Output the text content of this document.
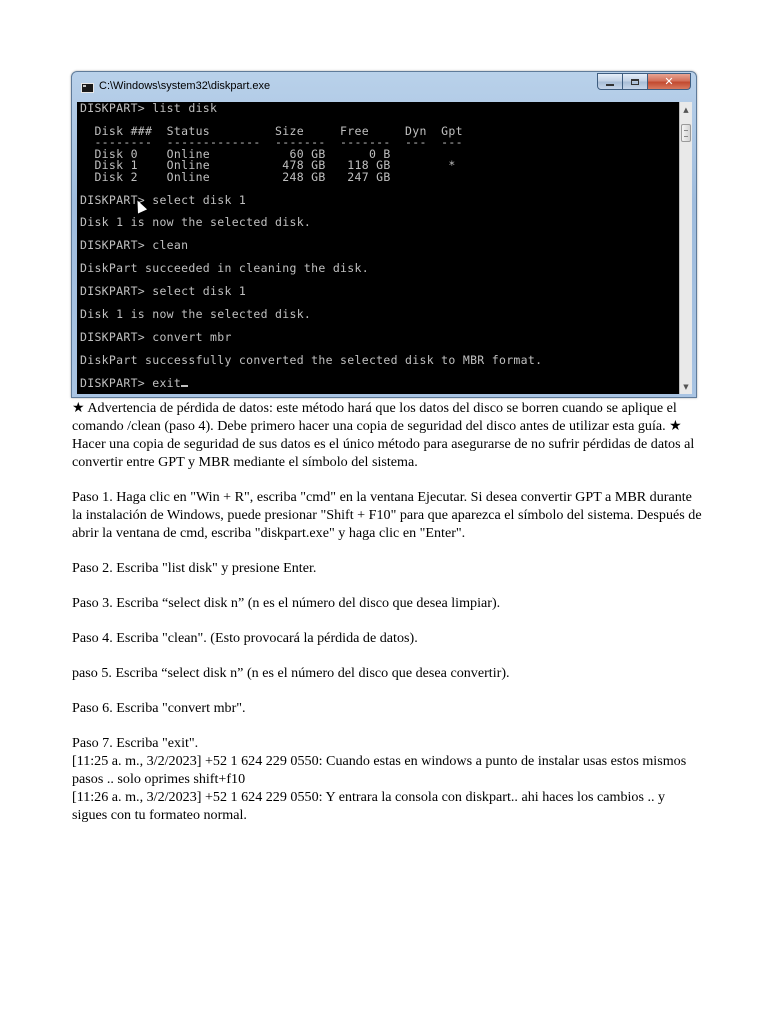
C:\Windows\system32\diskpart.exe	✕
DISKPART> list disk
Disk ###  Status         Size     Free     Dyn  Gpt
--------  -------------  -------  -------  ---  ---
Disk 0    Online           60 GB      0 B
Disk 1    Online          478 GB   118 GB        *
Disk 2    Online          248 GB   247 GB
DISKPART> select disk 1
Disk 1 is now the selected disk.
DISKPART> clean
DiskPart succeeded in cleaning the disk.
DISKPART> select disk 1
Disk 1 is now the selected disk.
DISKPART> convert mbr
DiskPart successfully converted the selected disk to MBR format.
DISKPART> exit
▲
▼

★ Advertencia de pérdida de datos: este método hará que los datos del disco se borren cuando se aplique el comando /clean (paso 4). Debe primero hacer una copia de seguridad del disco antes de utilizar esta guía. ★ Hacer una copia de seguridad de sus datos es el único método para asegurarse de no sufrir pérdidas de datos al convertir entre GPT y MBR mediante el símbolo del sistema.

Paso 1. Haga clic en "Win + R", escriba "cmd" en la ventana Ejecutar. Si desea convertir GPT a MBR durante la instalación de Windows, puede presionar "Shift + F10" para que aparezca el símbolo del sistema. Después de abrir la ventana de cmd, escriba "diskpart.exe" y haga clic en "Enter".

Paso 2. Escriba "list disk" y presione Enter.

Paso 3. Escriba “select disk n” (n es el número del disco que desea limpiar).

Paso 4. Escriba "clean". (Esto provocará la pérdida de datos).

paso 5. Escriba “select disk n” (n es el número del disco que desea convertir).

Paso 6. Escriba "convert mbr".

Paso 7. Escriba "exit".

[11:25 a. m., 3/2/2023] +52 1 624 229 0550: Cuando estas en windows a punto de instalar usas estos mismos pasos .. solo oprimes shift+f10

[11:26 a. m., 3/2/2023] +52 1 624 229 0550: Y entrara la consola con diskpart.. ahi haces los cambios .. y sigues con tu formateo normal.
